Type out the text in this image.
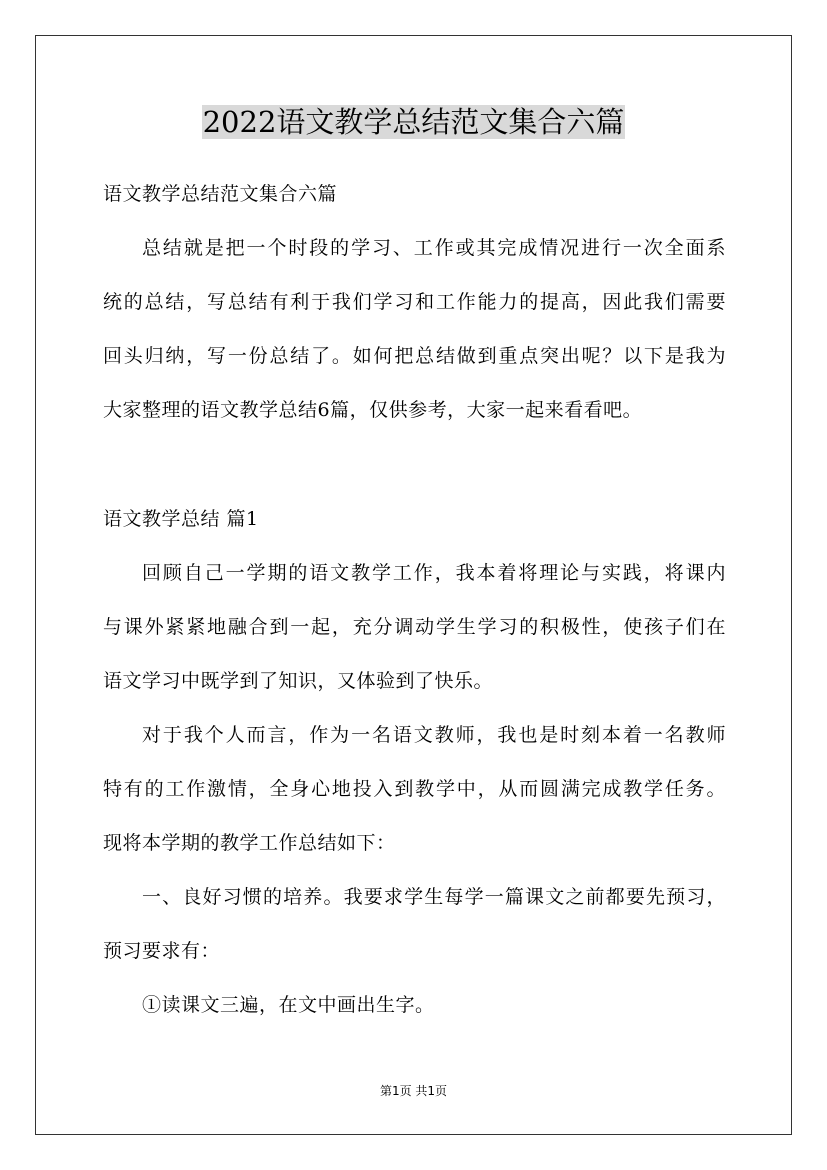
2022语文教学总结范文集合六篇
语文教学总结范文集合六篇
总结就是把一个时段的学习、工作或其完成情况进行一次全面系
统的总结，写总结有利于我们学习和工作能力的提高，因此我们需要
回头归纳，写一份总结了。如何把总结做到重点突出呢？以下是我为
大家整理的语文教学总结6篇，仅供参考，大家一起来看看吧。
语文教学总结 篇1
回顾自己一学期的语文教学工作，我本着将理论与实践，将课内
与课外紧紧地融合到一起，充分调动学生学习的积极性，使孩子们在
语文学习中既学到了知识，又体验到了快乐。
对于我个人而言，作为一名语文教师，我也是时刻本着一名教师
特有的工作激情，全身心地投入到教学中，从而圆满完成教学任务。
现将本学期的教学工作总结如下：
一、良好习惯的培养。我要求学生每学一篇课文之前都要先预习，
预习要求有：
①读课文三遍，在文中画出生字。
第1页 共1页
